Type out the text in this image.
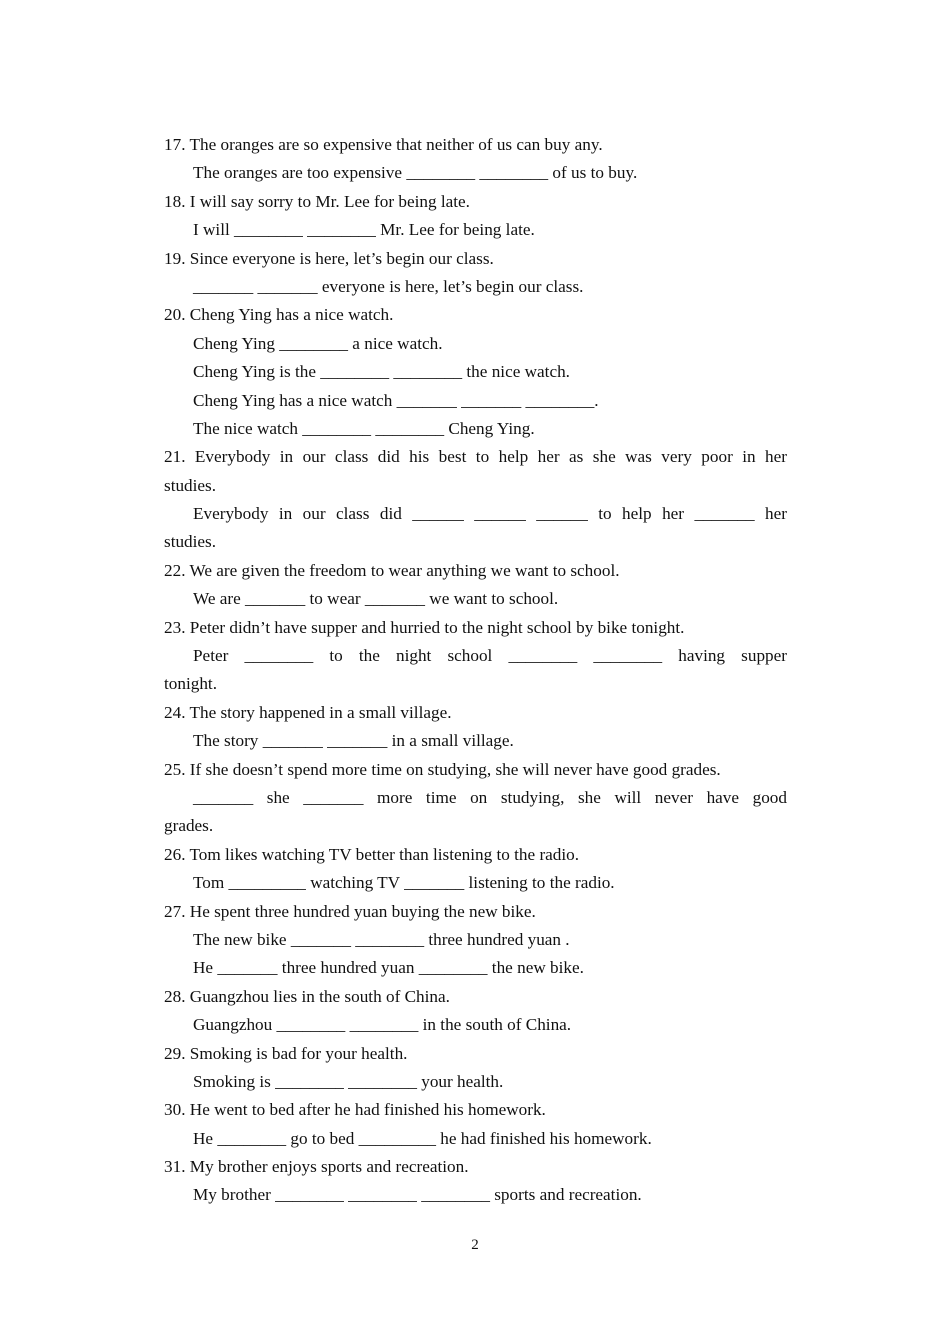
17. The oranges are so expensive that neither of us can buy any.
The oranges are too expensive ________ ________ of us to buy.
18. I will say sorry to Mr. Lee for being late.
I will ________ ________ Mr. Lee for being late.
19. Since everyone is here, let’s begin our class.
_______ _______ everyone is here, let’s begin our class.
20. Cheng Ying has a nice watch.
Cheng Ying ________ a nice watch.
Cheng Ying is the ________ ________ the nice watch.
Cheng Ying has a nice watch _______ _______ ________.
The nice watch ________ ________ Cheng Ying.
21. Everybody in our class did his best to help her as she was very poor in her
studies.
Everybody in our class did ______ ______ ______ to help her _______ her
studies.
22. We are given the freedom to wear anything we want to school.
We are _______ to wear _______ we want to school.
23. Peter didn’t have supper and hurried to the night school by bike tonight.
Peter ________ to the night school ________ ________ having supper
tonight.
24. The story happened in a small village.
The story _______ _______ in a small village.
25. If she doesn’t spend more time on studying, she will never have good grades.
_______ she _______ more time on studying, she will never have good
grades.
26. Tom likes watching TV better than listening to the radio.
Tom _________ watching TV _______ listening to the radio.
27. He spent three hundred yuan buying the new bike.
The new bike _______ ________ three hundred yuan .
He _______ three hundred yuan ________ the new bike.
28. Guangzhou lies in the south of China.
Guangzhou ________ ________ in the south of China.
29. Smoking is bad for your health.
Smoking is ________ ________ your health.
30. He went to bed after he had finished his homework.
He ________ go to bed _________ he had finished his homework.
31. My brother enjoys sports and recreation.
My brother ________ ________ ________ sports and recreation.
2
